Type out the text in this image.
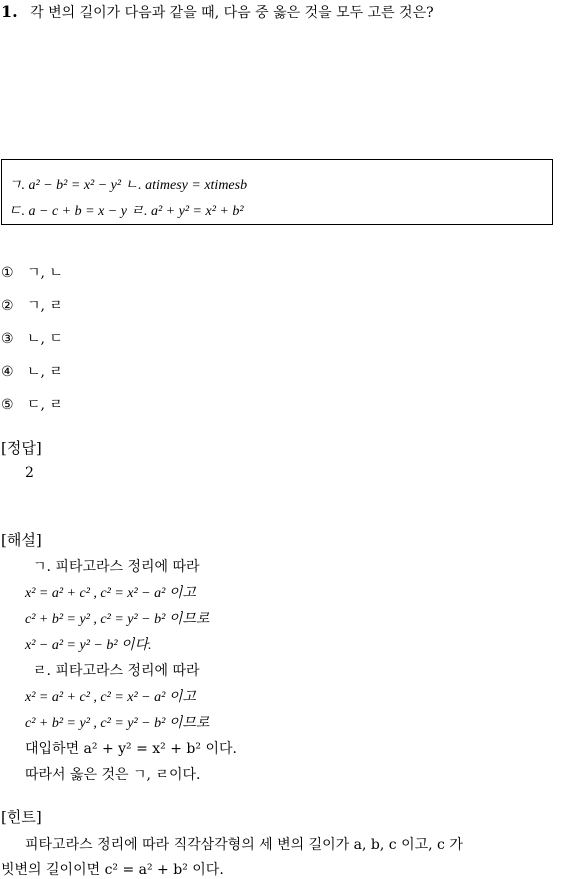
1. 각 변의 길이가 다음과 같을 때, 다음 중 옳은 것을 모두 고른 것은?
ㄱ. a² − b² = x² − y² ㄴ. atimesy = xtimesb
ㄷ. a − c + b = x − y ㄹ. a² + y² = x² + b²
① ㄱ, ㄴ
② ㄱ, ㄹ
③ ㄴ, ㄷ
④ ㄴ, ㄹ
⑤ ㄷ, ㄹ
[정답]
2
[해설]
ㄱ. 피타고라스 정리에 따라
x² = a² + c² , c² = x² − a² 이고
c² + b² = y² , c² = y² − b² 이므로
x² − a² = y² − b² 이다.
ㄹ. 피타고라스 정리에 따라
x² = a² + c² , c² = x² − a² 이고
c² + b² = y² , c² = y² − b² 이므로
대입하면 a² + y² = x² + b² 이다.
따라서 옳은 것은 ㄱ, ㄹ이다.
[힌트]
피타고라스 정리에 따라 직각삼각형의 세 변의 길이가 a, b, c 이고, c 가
빗변의 길이이면 c² = a² + b² 이다.
